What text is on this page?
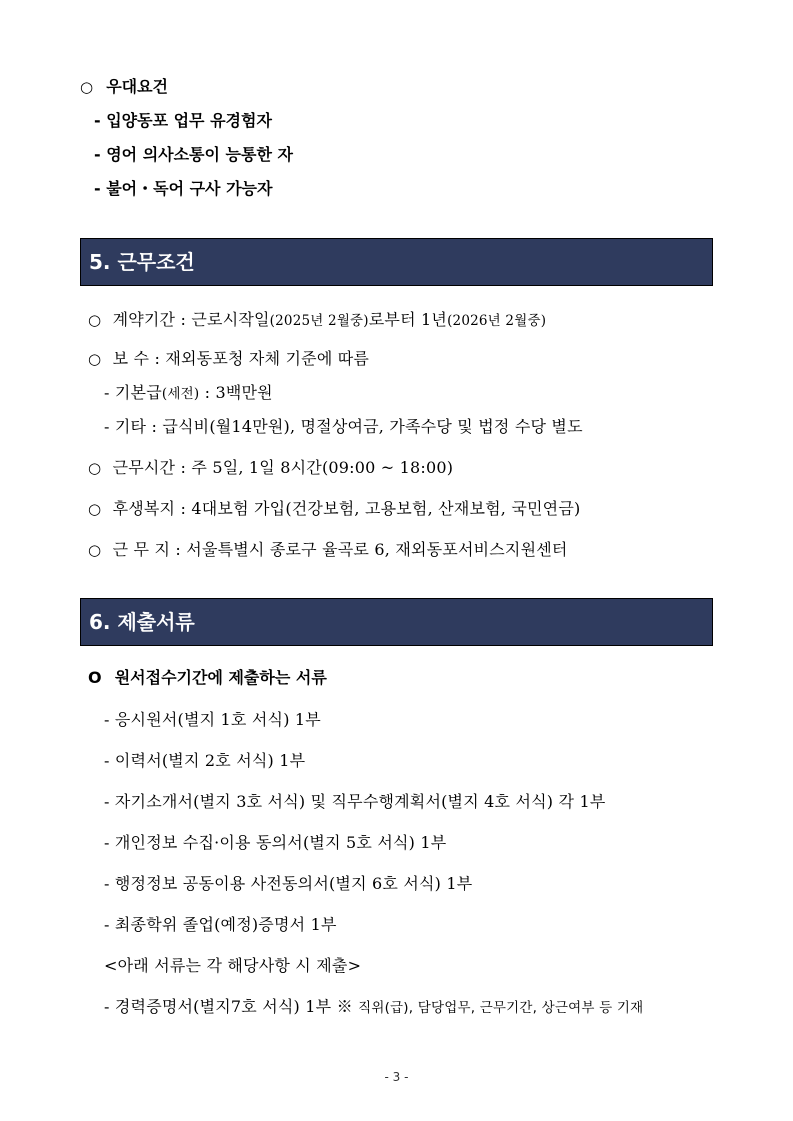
○ 우대요건
- 입양동포 업무 유경험자
- 영어 의사소통이 능통한 자
- 불어・독어 구사 가능자
5. 근무조건
○ 계약기간 : 근로시작일(2025년 2월중)로부터 1년(2026년 2월중)
○ 보 수 : 재외동포청 자체 기준에 따름
- 기본급(세전) : 3백만원
- 기타 : 급식비(월14만원), 명절상여금, 가족수당 및 법정 수당 별도
○ 근무시간 : 주 5일, 1일 8시간(09:00 ~ 18:00)
○ 후생복지 : 4대보험 가입(건강보험, 고용보험, 산재보험, 국민연금)
○ 근 무 지 : 서울특별시 종로구 율곡로 6, 재외동포서비스지원센터
6. 제출서류
O 원서접수기간에 제출하는 서류
- 응시원서(별지 1호 서식) 1부
- 이력서(별지 2호 서식) 1부
- 자기소개서(별지 3호 서식) 및 직무수행계획서(별지 4호 서식) 각 1부
- 개인정보 수집·이용 동의서(별지 5호 서식) 1부
- 행정정보 공동이용 사전동의서(별지 6호 서식) 1부
- 최종학위 졸업(예정)증명서 1부
<아래 서류는 각 해당사항 시 제출>
- 경력증명서(별지7호 서식) 1부 ※ 직위(급), 담당업무, 근무기간, 상근여부 등 기재
- 3 -
